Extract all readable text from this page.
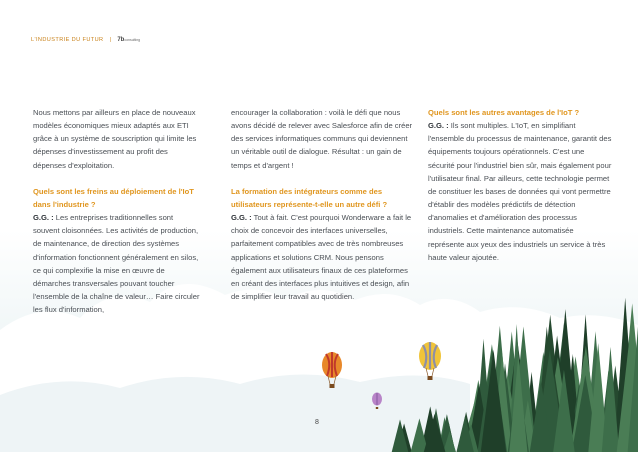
L'INDUSTRIE DU FUTUR | 7bconsulting

Nous mettons par ailleurs en place de nouveaux modèles économiques mieux adaptés aux ETI grâce à un système de souscription qui limite les dépenses d'investissement au profit des dépenses d'exploitation.

Quels sont les freins au déploiement de l'IoT dans l'industrie ?

G.G. : Les entreprises traditionnelles sont souvent cloisonnées. Les activités de production, de maintenance, de direction des systèmes d'information fonctionnent généralement en silos, ce qui complexifie la mise en œuvre de démarches transversales pouvant toucher l'ensemble de la chaîne de valeur… Faire circuler les flux d'information,

encourager la collaboration : voilà le défi que nous avons décidé de relever avec Salesforce afin de créer des services informatiques communs qui deviennent un véritable outil de dialogue. Résultat : un gain de temps et d'argent !

La formation des intégrateurs comme des utilisateurs représente-t-elle un autre défi ?

G.G. : Tout à fait. C'est pourquoi Wonderware a fait le choix de concevoir des interfaces universelles, parfaitement compatibles avec de très nombreuses applications et solutions CRM. Nous pensons également aux utilisateurs finaux de ces plateformes en créant des interfaces plus intuitives et design, afin de simplifier leur travail au quotidien.

Quels sont les autres avantages de l'IoT ?

G.G. : Ils sont multiples. L'IoT, en simplifiant l'ensemble du processus de maintenance, garantit des équipements toujours opérationnels. C'est une sécurité pour l'industriel bien sûr, mais également pour l'utilisateur final. Par ailleurs, cette technologie permet de constituer les bases de données qui vont permettre d'établir des modèles prédictifs de détection d'anomalies et d'amélioration des processus industriels. Cette maintenance automatisée représente aux yeux des industriels un service à très haute valeur ajoutée.

8
